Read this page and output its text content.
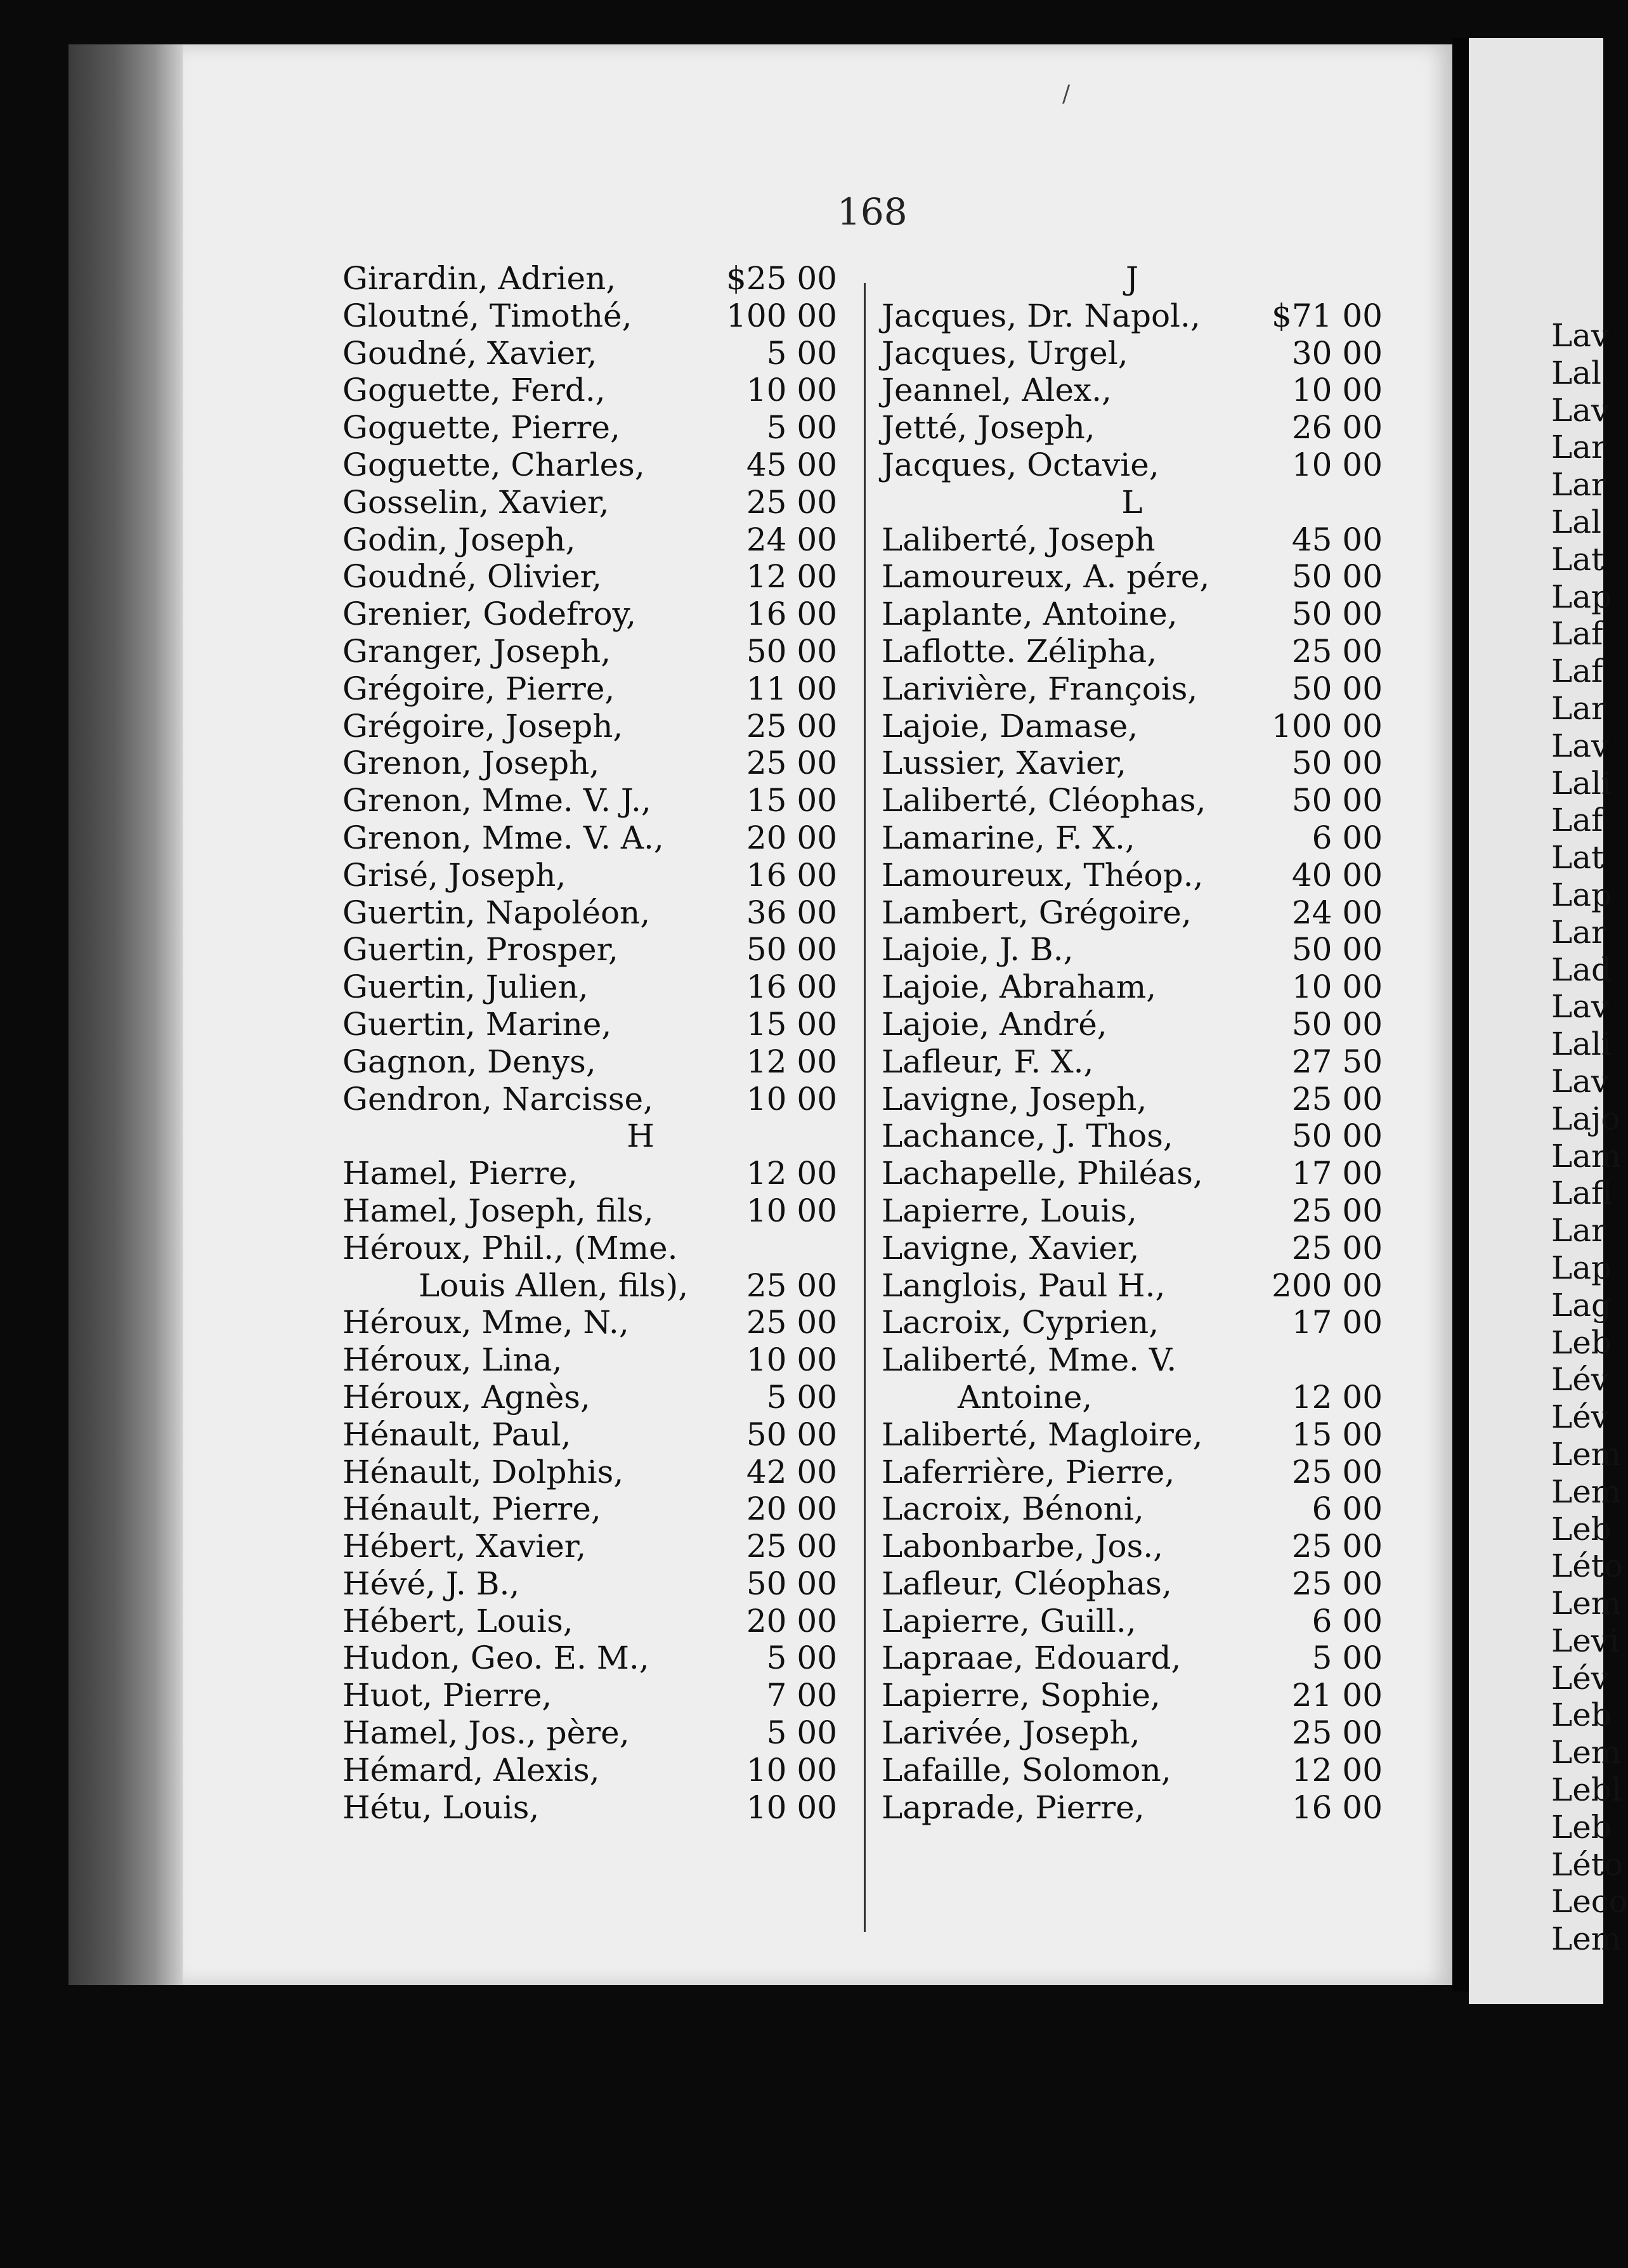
Lav
Lal
Lav
Lar
Lar
Lal
Lat
Lap
Laf
Laf
Lar
Lav
Lali
Laf
Lat
Lap
Lar
Lad
Lav
Lali
Lav
Lajo
Lam
Lafl
Lar
Lap
Lag
Leb
Lév
Lév
Lem
Lem
Leb
Léto
Lem
Levi
Lév
Leb
Lem
Lebl
Leb
Léto
Leco
Lem
/
168
Girardin, Adrien,	$25 00
Gloutné, Timothé,	100 00
Goudné, Xavier,	5 00
Goguette, Ferd.,	10 00
Goguette, Pierre,	5 00
Goguette, Charles,	45 00
Gosselin, Xavier,	25 00
Godin, Joseph,	24 00
Goudné, Olivier,	12 00
Grenier, Godefroy,	16 00
Granger, Joseph,	50 00
Grégoire, Pierre,	11 00
Grégoire, Joseph,	25 00
Grenon, Joseph,	25 00
Grenon, Mme. V. J.,	15 00
Grenon, Mme. V. A.,	20 00
Grisé, Joseph,	16 00
Guertin, Napoléon,	36 00
Guertin, Prosper,	50 00
Guertin, Julien,	16 00
Guertin, Marine,	15 00
Gagnon, Denys,	12 00
Gendron, Narcisse,	10 00
H
Hamel, Pierre,	12 00
Hamel, Joseph, fils,	10 00
Héroux, Phil., (Mme.
Louis Allen, fils), 25 00
Héroux, Mme, N.,	25 00
Héroux, Lina,	10 00
Héroux, Agnès,	5 00
Hénault, Paul,	50 00
Hénault, Dolphis,	42 00
Hénault, Pierre,	20 00
Hébert, Xavier,	25 00
Hévé, J. B.,	50 00
Hébert, Louis,	20 00
Hudon, Geo. E. M.,	5 00
Huot, Pierre,	7 00
Hamel, Jos., père,	5 00
Hémard, Alexis,	10 00
Hétu, Louis,	10 00
J
Jacques, Dr. Napol., $71 00
Jacques, Urgel,	30 00
Jeannel, Alex.,	10 00
Jetté, Joseph,	26 00
Jacques, Octavie,	10 00
L
Laliberté, Joseph	45 00
Lamoureux, A. pére,	50 00
Laplante, Antoine,	50 00
Laflotte. Zélipha,	25 00
Larivière, François,	50 00
Lajoie, Damase,	100 00
Lussier, Xavier,	50 00
Laliberté, Cléophas,	50 00
Lamarine, F. X.,	6 00
Lamoureux, Théop.,	40 00
Lambert, Grégoire,	24 00
Lajoie, J. B.,	50 00
Lajoie, Abraham,	10 00
Lajoie, André,	50 00
Lafleur, F. X.,	27 50
Lavigne, Joseph,	25 00
Lachance, J. Thos,	50 00
Lachapelle, Philéas,	17 00
Lapierre, Louis,	25 00
Lavigne, Xavier,	25 00
Langlois, Paul H.,	200 00
Lacroix, Cyprien,	17 00
Laliberté, Mme. V.
Antoine,	12 00
Laliberté, Magloire,	15 00
Laferrière, Pierre,	25 00
Lacroix, Bénoni,	6 00
Labonbarbe, Jos.,	25 00
Lafleur, Cléophas,	25 00
Lapierre, Guill.,	6 00
Lapraae, Edouard,	5 00
Lapierre, Sophie,	21 00
Larivée, Joseph,	25 00
Lafaille, Solomon,	12 00
Laprade, Pierre,	16 00
